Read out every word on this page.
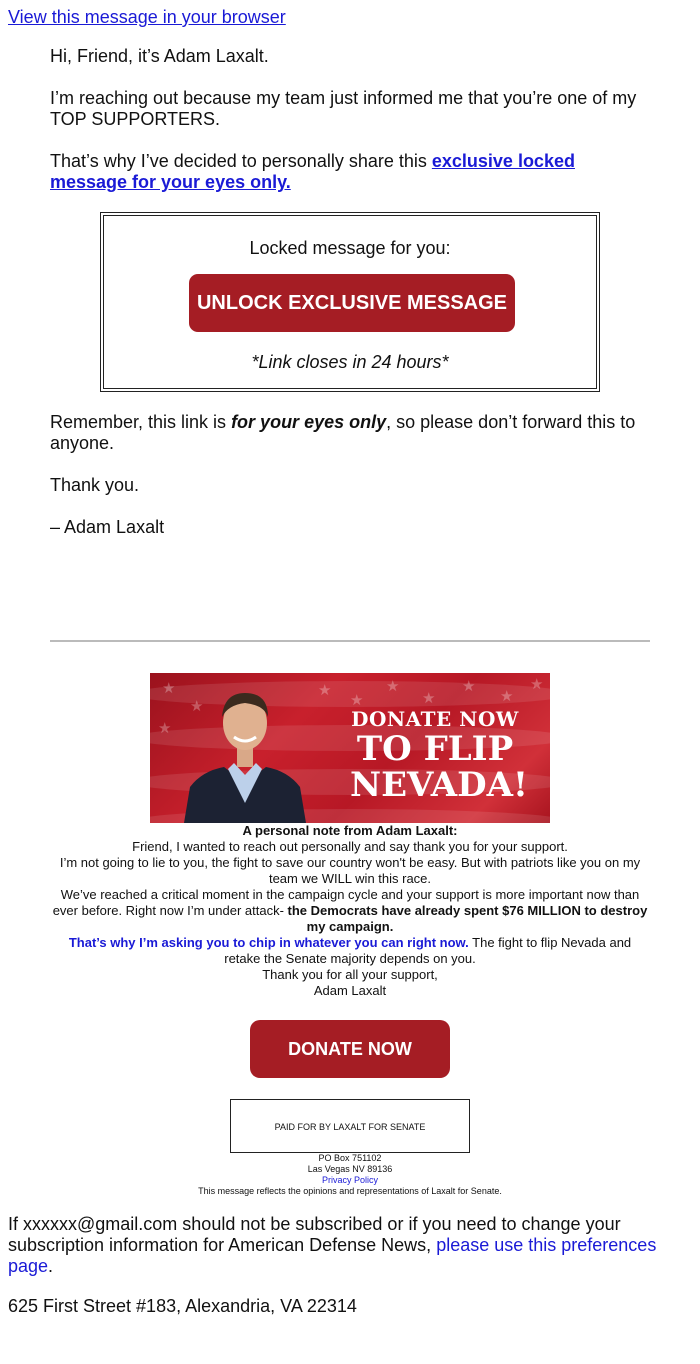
View this message in your browser

Hi, Friend, it’s Adam Laxalt.

I’m reaching out because my team just informed me that you’re one of my TOP SUPPORTERS.

That’s why I’ve decided to personally share this exclusive locked message for your eyes only.

Locked message for you:
UNLOCK EXCLUSIVE MESSAGE
*Link closes in 24 hours*

Remember, this link is for your eyes only, so please don’t forward this to anyone.

Thank you.

– Adam Laxalt

★
★
★
★
★
★
★
★
★
★
DONATE NOW
TO FLIP
NEVADA!
A personal note from Adam Laxalt:
Friend, I wanted to reach out personally and say thank you for your support.
I’m not going to lie to you, the fight to save our country won't be easy. But with patriots like you on my team we WILL win this race.
We’ve reached a critical moment in the campaign cycle and your support is more important now than ever before. Right now I’m under attack- the Democrats have already spent $76 MILLION to destroy my campaign.
That’s why I’m asking you to chip in whatever you can right now. The fight to flip Nevada and retake the Senate majority depends on you.
Thank you for all your support,
Adam Laxalt
DONATE NOW
PAID FOR BY LAXALT FOR SENATE
PO Box 751102
Las Vegas NV 89136
Privacy Policy
This message reflects the opinions and representations of Laxalt for Senate.

If xxxxxx@gmail.com should not be subscribed or if you need to change your subscription information for American Defense News, please use this preferences page.

625 First Street #183, Alexandria, VA 22314
